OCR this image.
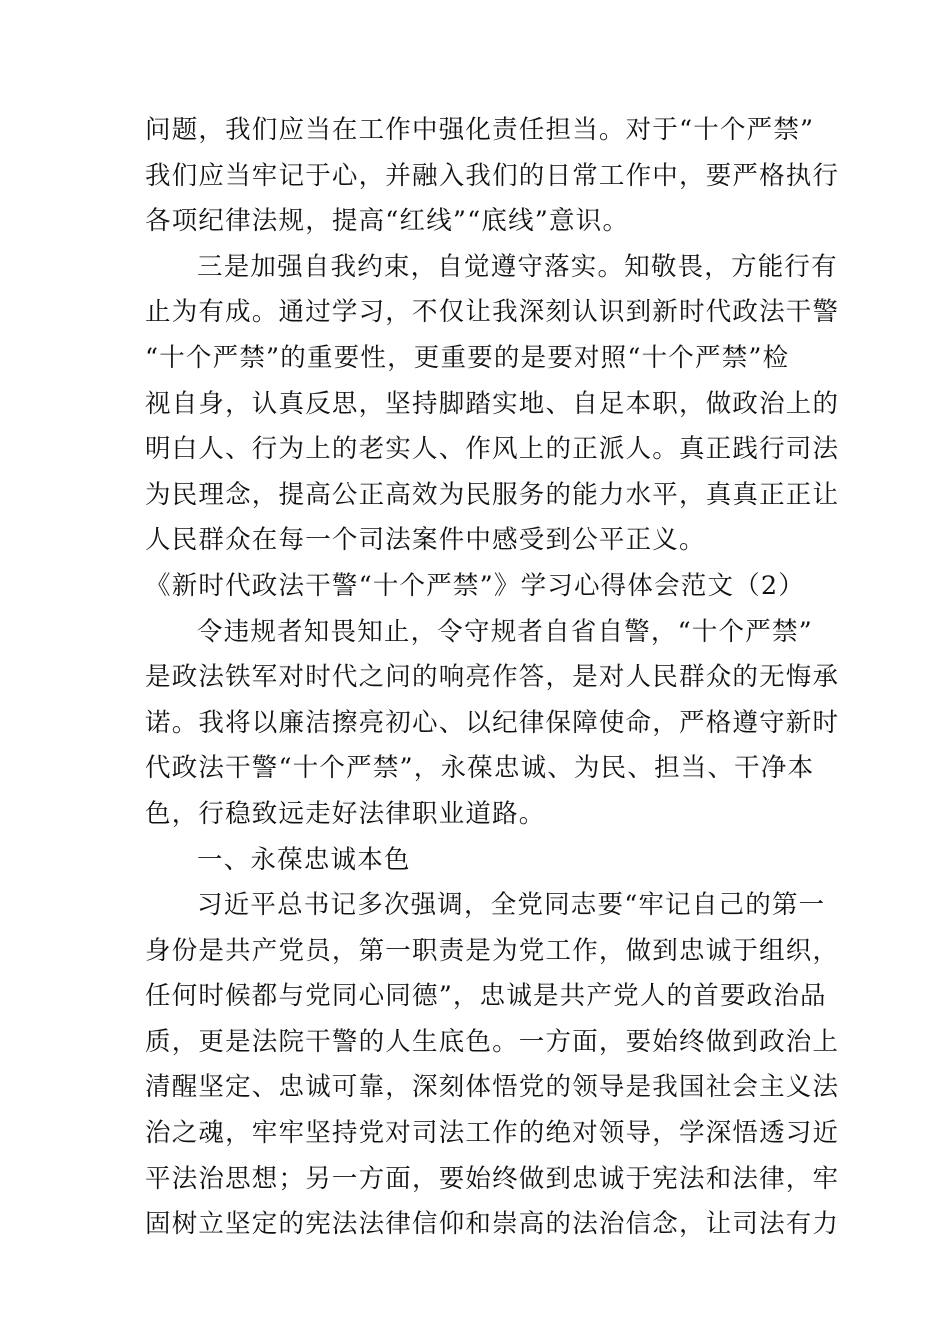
问题，我们应当在工作中强化责任担当。对于“十个严禁”
我们应当牢记于心，并融入我们的日常工作中，要严格执行
各项纪律法规，提高“红线”“底线”意识。
三是加强自我约束，自觉遵守落实。知敬畏，方能行有
止为有成。通过学习，不仅让我深刻认识到新时代政法干警
“十个严禁”的重要性，更重要的是要对照“十个严禁”检
视自身，认真反思，坚持脚踏实地、自足本职，做政治上的
明白人、行为上的老实人、作风上的正派人。真正践行司法
为民理念，提高公正高效为民服务的能力水平，真真正正让
人民群众在每一个司法案件中感受到公平正义。
《新时代政法干警“十个严禁”》学习心得体会范文（2）
令违规者知畏知止，令守规者自省自警，“十个严禁”
是政法铁军对时代之问的响亮作答，是对人民群众的无悔承
诺。我将以廉洁擦亮初心、以纪律保障使命，严格遵守新时
代政法干警“十个严禁”，永葆忠诚、为民、担当、干净本
色，行稳致远走好法律职业道路。
一、永葆忠诚本色
习近平总书记多次强调，全党同志要“牢记自己的第一
身份是共产党员，第一职责是为党工作，做到忠诚于组织，
任何时候都与党同心同德”，忠诚是共产党人的首要政治品
质，更是法院干警的人生底色。一方面，要始终做到政治上
清醒坚定、忠诚可靠，深刻体悟党的领导是我国社会主义法
治之魂，牢牢坚持党对司法工作的绝对领导，学深悟透习近
平法治思想；另一方面，要始终做到忠诚于宪法和法律，牢
固树立坚定的宪法法律信仰和崇高的法治信念，让司法有力
